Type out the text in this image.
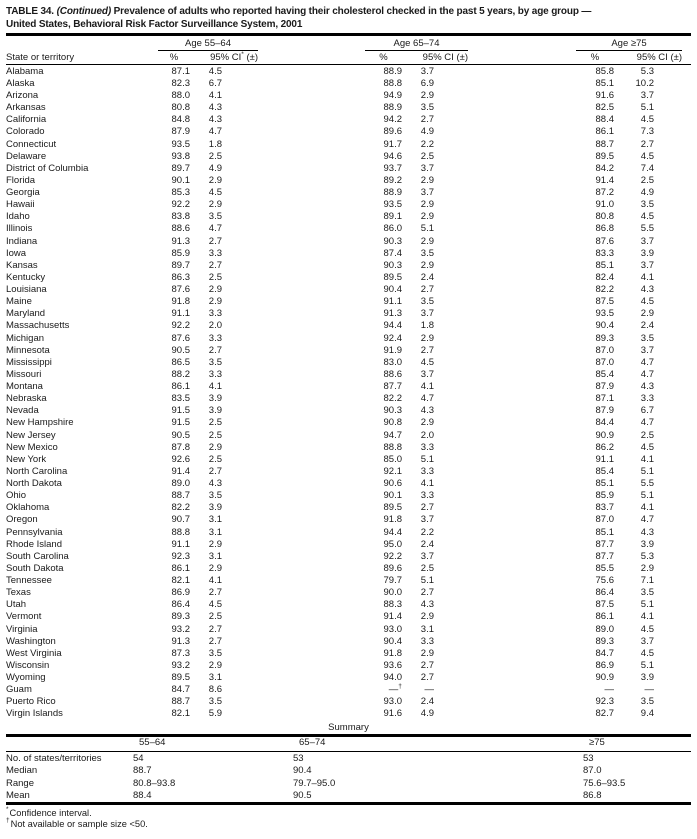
TABLE 34. (Continued) Prevalence of adults who reported having their cholesterol checked in the past 5 years, by age group —
United States, Behavioral Risk Factor Surveillance System, 2001
Age 55–64	Age 65–74	Age ≥75
State or territory	%	95% CI* (±)	%	95% CI (±)	%	95% CI (±)
Alabama	87.1	4.5	88.9	3.7	85.8	5.3
Alaska	82.3	6.7	88.8	6.9	85.1	10.2
Arizona	88.0	4.1	94.9	2.9	91.6	3.7
Arkansas	80.8	4.3	88.9	3.5	82.5	5.1
California	84.8	4.3	94.2	2.7	88.4	4.5
Colorado	87.9	4.7	89.6	4.9	86.1	7.3
Connecticut	93.5	1.8	91.7	2.2	88.7	2.7
Delaware	93.8	2.5	94.6	2.5	89.5	4.5
District of Columbia	89.7	4.9	93.7	3.7	84.2	7.4
Florida	90.1	2.9	89.2	2.9	91.4	2.5
Georgia	85.3	4.5	88.9	3.7	87.2	4.9
Hawaii	92.2	2.9	93.5	2.9	91.0	3.5
Idaho	83.8	3.5	89.1	2.9	80.8	4.5
Illinois	88.6	4.7	86.0	5.1	86.8	5.5
Indiana	91.3	2.7	90.3	2.9	87.6	3.7
Iowa	85.9	3.3	87.4	3.5	83.3	3.9
Kansas	89.7	2.7	90.3	2.9	85.1	3.7
Kentucky	86.3	2.5	89.5	2.4	82.4	4.1
Louisiana	87.6	2.9	90.4	2.7	82.2	4.3
Maine	91.8	2.9	91.1	3.5	87.5	4.5
Maryland	91.1	3.3	91.3	3.7	93.5	2.9
Massachusetts	92.2	2.0	94.4	1.8	90.4	2.4
Michigan	87.6	3.3	92.4	2.9	89.3	3.5
Minnesota	90.5	2.7	91.9	2.7	87.0	3.7
Mississippi	86.5	3.5	83.0	4.5	87.0	4.7
Missouri	88.2	3.3	88.6	3.7	85.4	4.7
Montana	86.1	4.1	87.7	4.1	87.9	4.3
Nebraska	83.5	3.9	82.2	4.7	87.1	3.3
Nevada	91.5	3.9	90.3	4.3	87.9	6.7
New Hampshire	91.5	2.5	90.8	2.9	84.4	4.7
New Jersey	90.5	2.5	94.7	2.0	90.9	2.5
New Mexico	87.8	2.9	88.8	3.3	86.2	4.5
New York	92.6	2.5	85.0	5.1	91.1	4.1
North Carolina	91.4	2.7	92.1	3.3	85.4	5.1
North Dakota	89.0	4.3	90.6	4.1	85.1	5.5
Ohio	88.7	3.5	90.1	3.3	85.9	5.1
Oklahoma	82.2	3.9	89.5	2.7	83.7	4.1
Oregon	90.7	3.1	91.8	3.7	87.0	4.7
Pennsylvania	88.8	3.1	94.4	2.2	85.1	4.3
Rhode Island	91.1	2.9	95.0	2.4	87.7	3.9
South Carolina	92.3	3.1	92.2	3.7	87.7	5.3
South Dakota	86.1	2.9	89.6	2.5	85.5	2.9
Tennessee	82.1	4.1	79.7	5.1	75.6	7.1
Texas	86.9	2.7	90.0	2.7	86.4	3.5
Utah	86.4	4.5	88.3	4.3	87.5	5.1
Vermont	89.3	2.5	91.4	2.9	86.1	4.1
Virginia	93.2	2.7	93.0	3.1	89.0	4.5
Washington	91.3	2.7	90.4	3.3	89.3	3.7
West Virginia	87.3	3.5	91.8	2.9	84.7	4.5
Wisconsin	93.2	2.9	93.6	2.7	86.9	5.1
Wyoming	89.5	3.1	94.0	2.7	90.9	3.9
Guam	84.7	8.6	—†	—	—	—
Puerto Rico	88.7	3.5	93.0	2.4	92.3	3.5
Virgin Islands	82.1	5.9	91.6	4.9	82.7	9.4
Summary
55–64	65–74	≥75
No. of states/territories	54	53	53
Median	88.7	90.4	87.0
Range	80.8–93.8	79.7–95.0	75.6–93.5
Mean	88.4	90.5	86.8
*Confidence interval.
†Not available or sample size <50.
